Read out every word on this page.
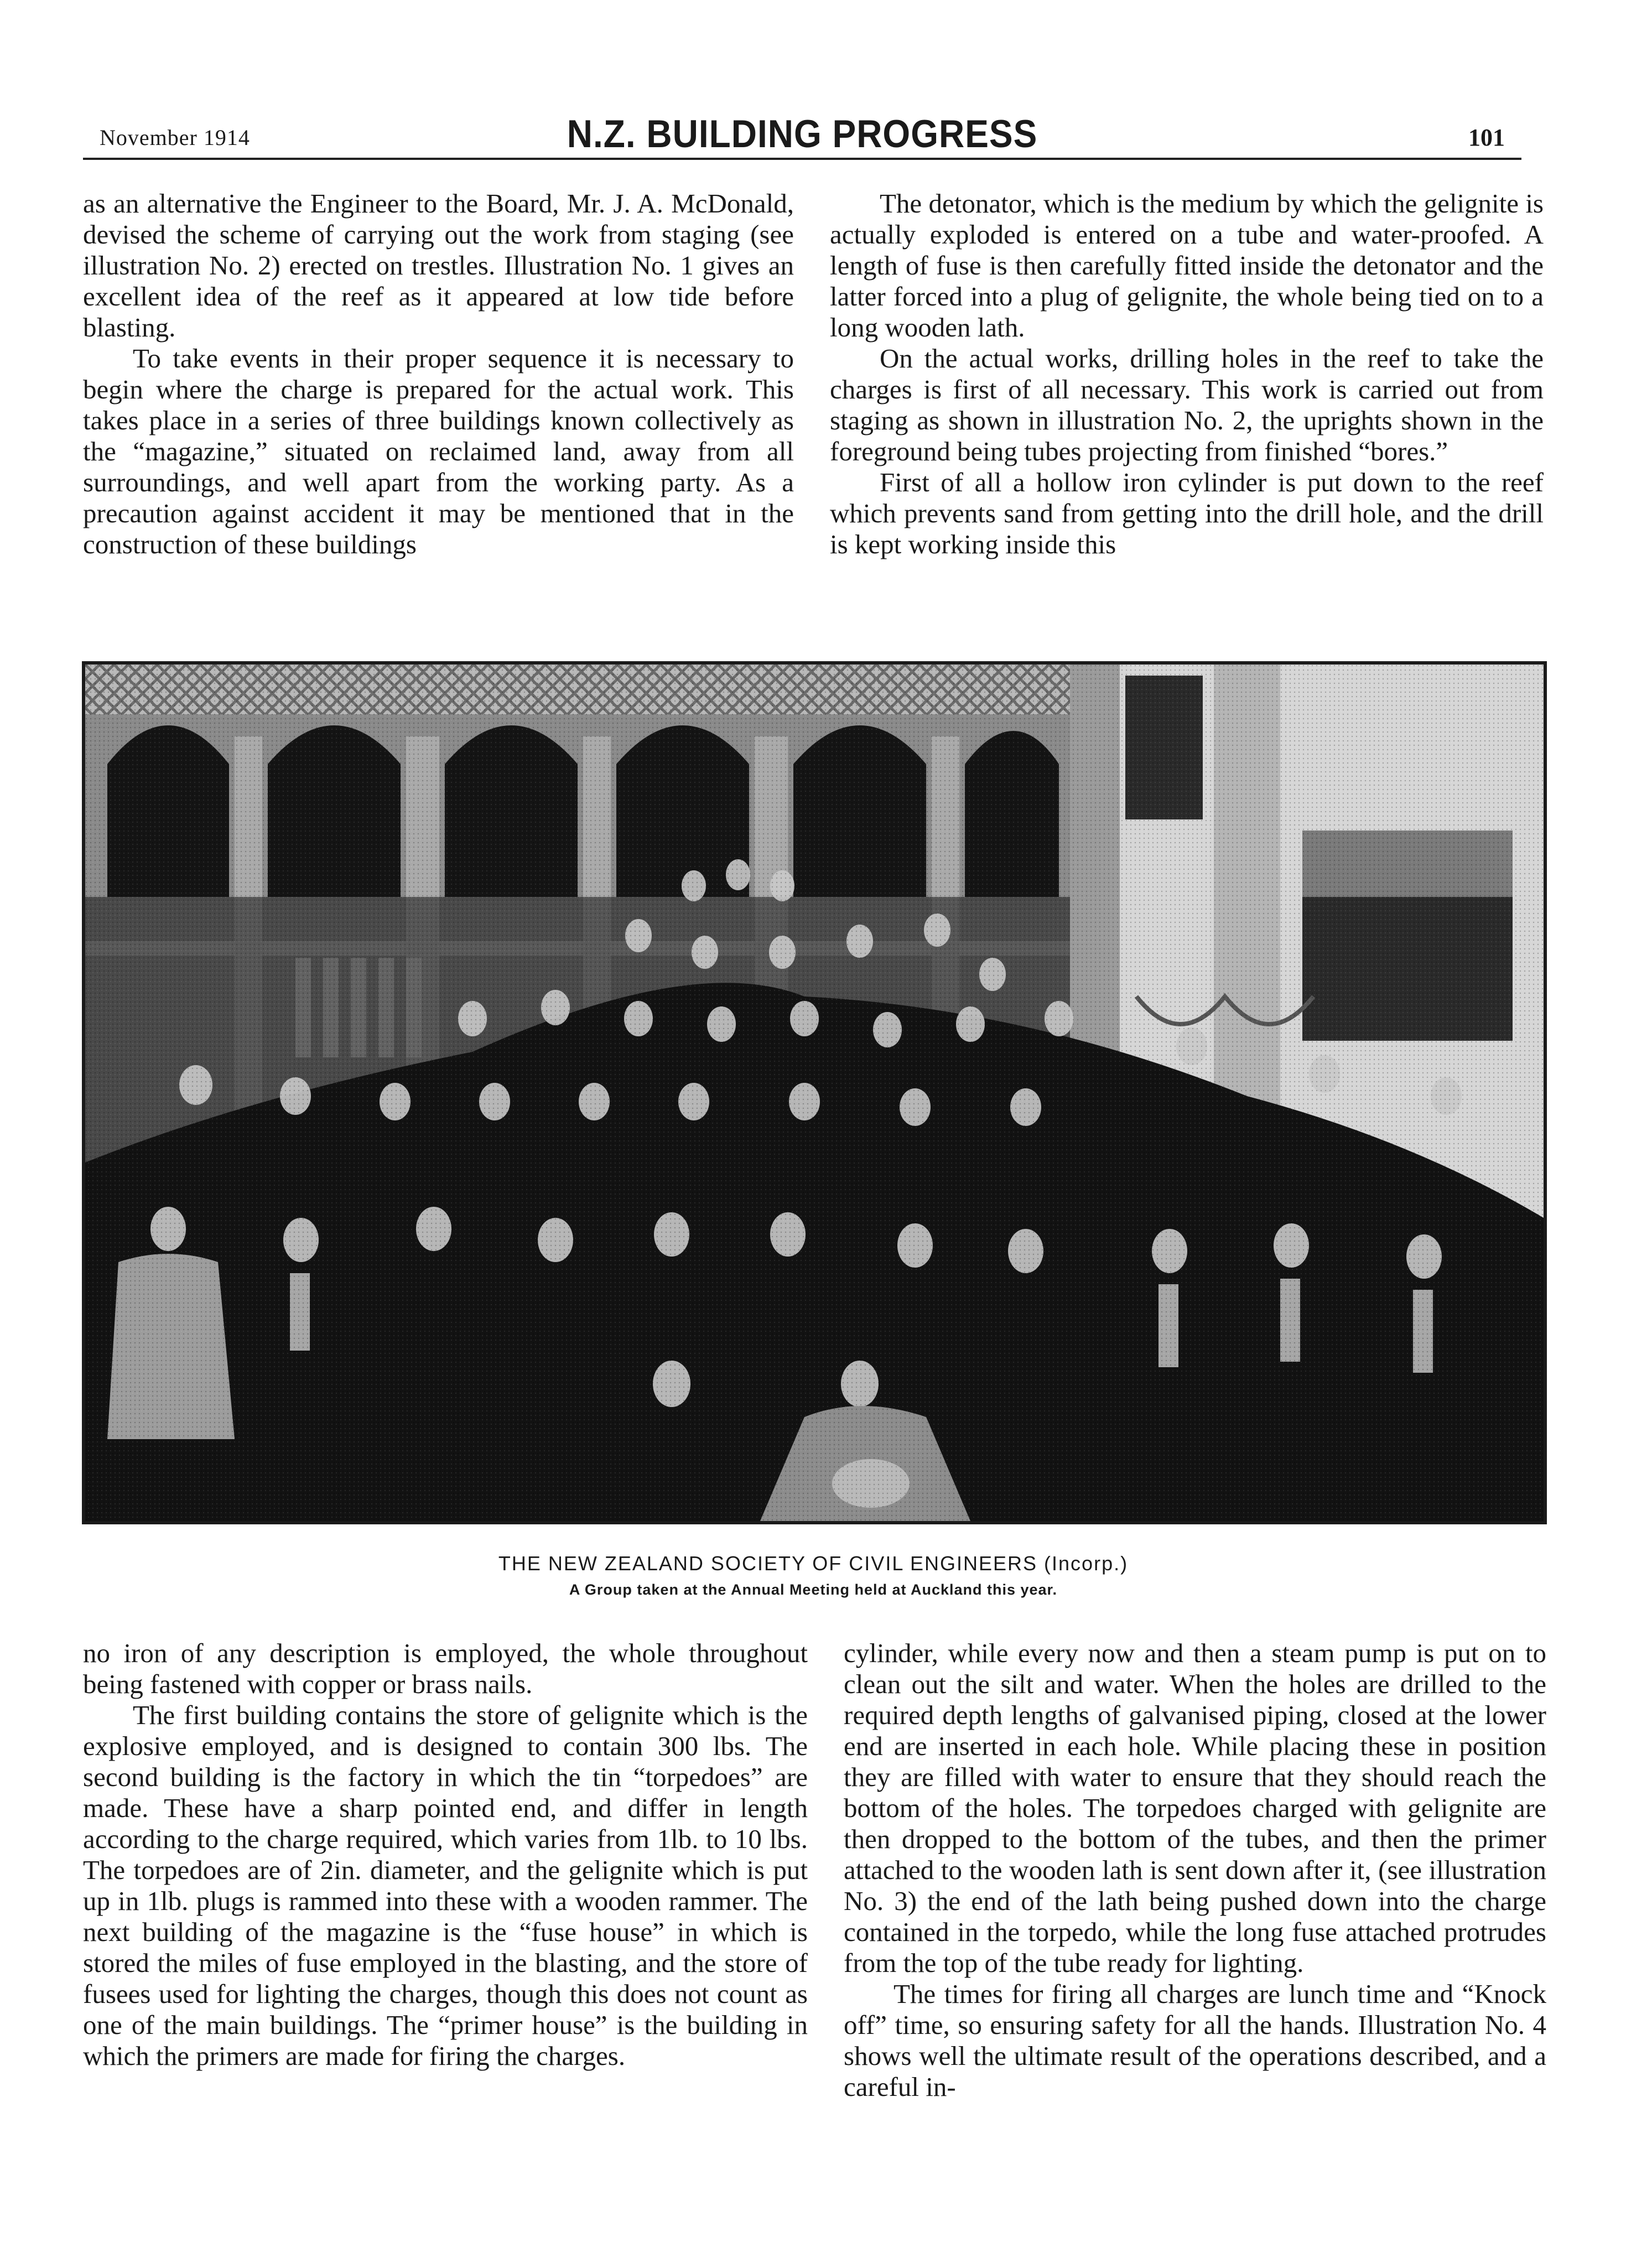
November 1914	N.Z. BUILDING PROGRESS	101

as an alternative the Engineer to the Board, Mr. J. A. McDonald, devised the scheme of carrying out the work from staging (see illustration No. 2) erected on trestles. Illustration No. 1 gives an excellent idea of the reef as it appeared at low tide before blasting.

To take events in their proper sequence it is necessary to begin where the charge is prepared for the actual work. This takes place in a series of three buildings known collectively as the “magazine,” situated on reclaimed land, away from all surroundings, and well apart from the working party. As a precaution against accident it may be mentioned that in the construction of these buildings

The detonator, which is the medium by which the gelignite is actually exploded is entered on a tube and water-proofed. A length of fuse is then carefully fitted inside the detonator and the latter forced into a plug of gelignite, the whole being tied on to a long wooden lath.

On the actual works, drilling holes in the reef to take the charges is first of all necessary. This work is carried out from staging as shown in illustration No. 2, the uprights shown in the foreground being tubes projecting from finished “bores.”

First of all a hollow iron cylinder is put down to the reef which prevents sand from getting into the drill hole, and the drill is kept working inside this

THE NEW ZEALAND SOCIETY OF CIVIL ENGINEERS (Incorp.)
A Group taken at the Annual Meeting held at Auckland this year.

no iron of any description is employed, the whole throughout being fastened with copper or brass nails.

The first building contains the store of gelignite which is the explosive employed, and is designed to contain 300 lbs. The second building is the factory in which the tin “torpedoes” are made. These have a sharp pointed end, and differ in length according to the charge required, which varies from 1lb. to 10 lbs. The torpedoes are of 2in. diameter, and the gelignite which is put up in 1lb. plugs is rammed into these with a wooden rammer. The next building of the magazine is the “fuse house” in which is stored the miles of fuse employed in the blasting, and the store of fusees used for lighting the charges, though this does not count as one of the main buildings. The “primer house” is the building in which the primers are made for firing the charges.

cylinder, while every now and then a steam pump is put on to clean out the silt and water. When the holes are drilled to the required depth lengths of galvanised piping, closed at the lower end are inserted in each hole. While placing these in position they are filled with water to ensure that they should reach the bottom of the holes. The torpedoes charged with gelignite are then dropped to the bottom of the tubes, and then the primer attached to the wooden lath is sent down after it, (see illustration No. 3) the end of the lath being pushed down into the charge contained in the torpedo, while the long fuse attached protrudes from the top of the tube ready for lighting.

The times for firing all charges are lunch time and “Knock off” time, so ensuring safety for all the hands. Illustration No. 4 shows well the ultimate result of the operations described, and a careful in-
